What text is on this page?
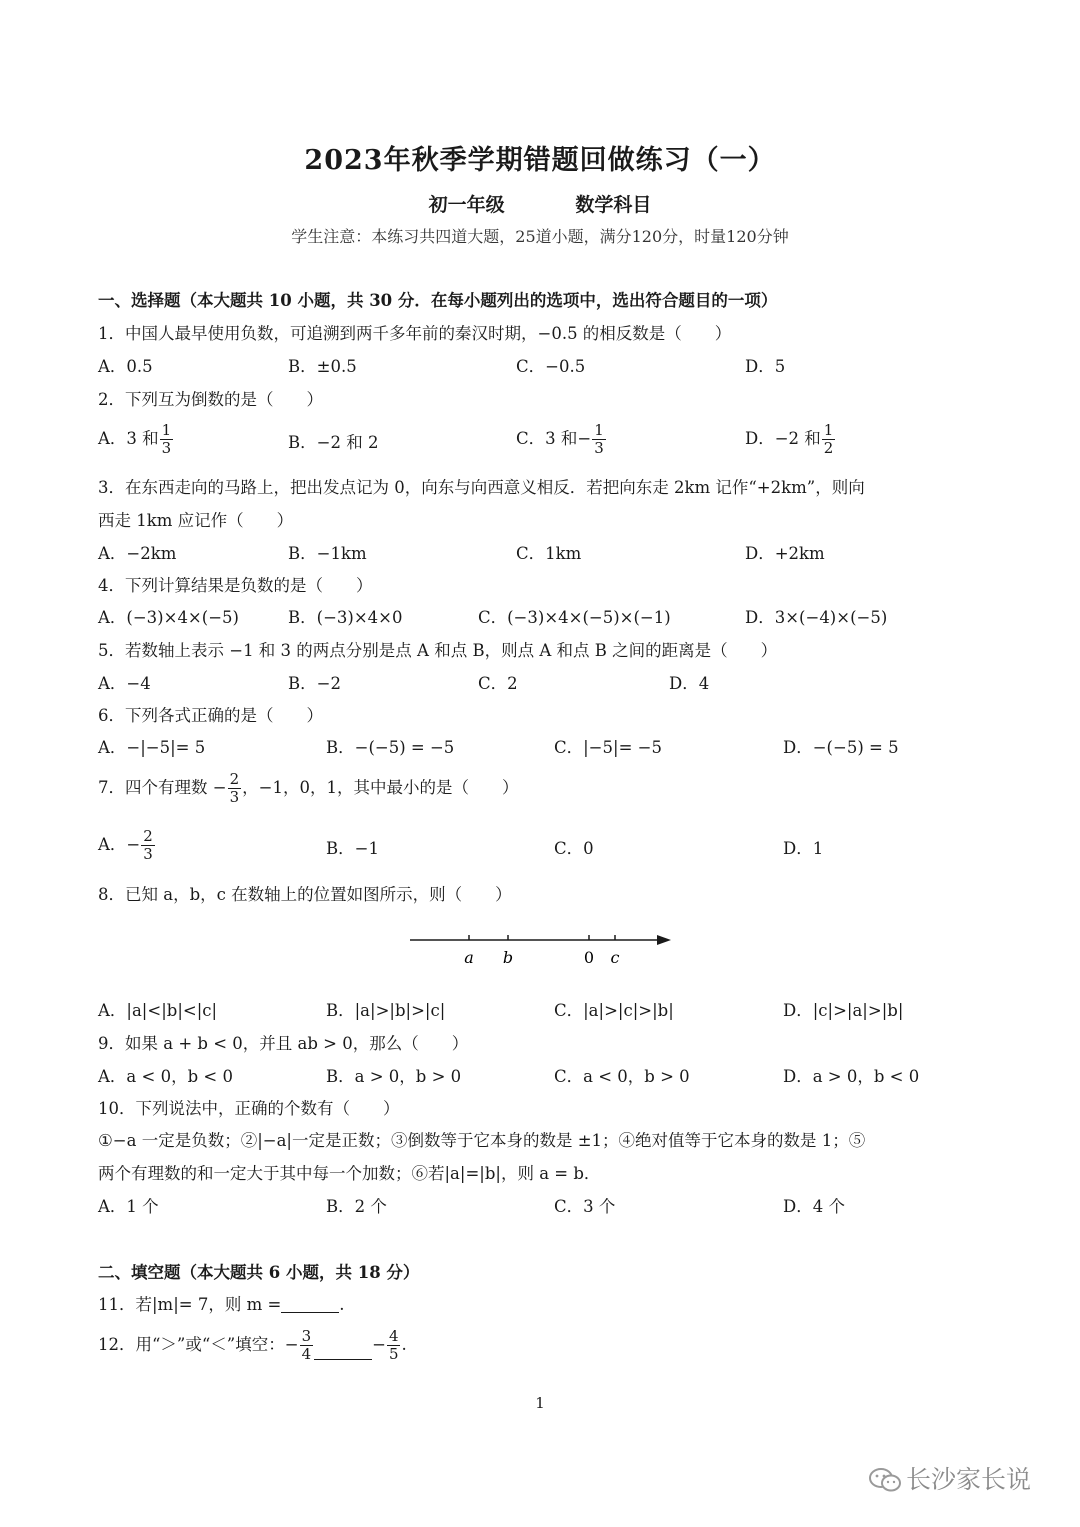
2023年秋季学期错题回做练习（一）
初一年级	数学科目
学生注意：本练习共四道大题，25道小题，满分120分，时量120分钟
一、选择题（本大题共 10 小题，共 30 分．在每小题列出的选项中，选出符合题目的一项）
1．中国人最早使用负数，可追溯到两千多年前的秦汉时期，−0.5 的相反数是（　　）
A．0.5	B．±0.5	C．−0.5	D．5
2．下列互为倒数的是（　　）
A．3 和 $\frac{1}{3}$	B．−2 和 2	C．3 和− $\frac{1}{3}$	D．−2 和 $\frac{1}{2}$
3．在东西走向的马路上，把出发点记为 0，向东与向西意义相反．若把向东走 2km 记作“+2km”，则向
西走 1km 应记作（　　）
A．−2km	B．−1km	C．1km	D．+2km
4．下列计算结果是负数的是（　　）
A．(−3)×4×(−5)	B．(−3)×4×0	C．(−3)×4×(−5)×(−1)	D．3×(−4)×(−5)
5．若数轴上表示 −1 和 3 的两点分别是点 A 和点 B，则点 A 和点 B 之间的距离是（　　）
A．−4	B．−2	C．2	D．4
6．下列各式正确的是（　　）
A．−|−5|= 5	B．−(−5) = −5	C．|−5|= −5	D．−(−5) = 5
7．四个有理数 − $\frac{2}{3}$ ，−1，0，1，其中最小的是（　　）
A．− $\frac{2}{3}$	B．−1	C．0	D．1
8．已知 a，b，c 在数轴上的位置如图所示，则（　　）
a b	0 c
A．|a|<|b|<|c|	B．|a|>|b|>|c|	C．|a|>|c|>|b|	D．|c|>|a|>|b|
9．如果 a + b < 0，并且 ab > 0，那么（　　）
A．a < 0，b < 0	B．a > 0，b > 0	C．a < 0，b > 0	D．a > 0，b < 0
10．下列说法中，正确的个数有（　　）
①−a 一定是负数；②|−a|一定是正数；③倒数等于它本身的数是 ±1；④绝对值等于它本身的数是 1；⑤
两个有理数的和一定大于其中每一个加数；⑥若|a|=|b|，则 a = b．
A．1 个	B．2 个	C．3 个	D．4 个
二、填空题（本大题共 6 小题，共 18 分）
11．若|m|= 7，则 m =	.
12．用“＞”或“＜”填空：− $\frac{3}{4}$	− $\frac{4}{5}$ .
1
长沙家长说
